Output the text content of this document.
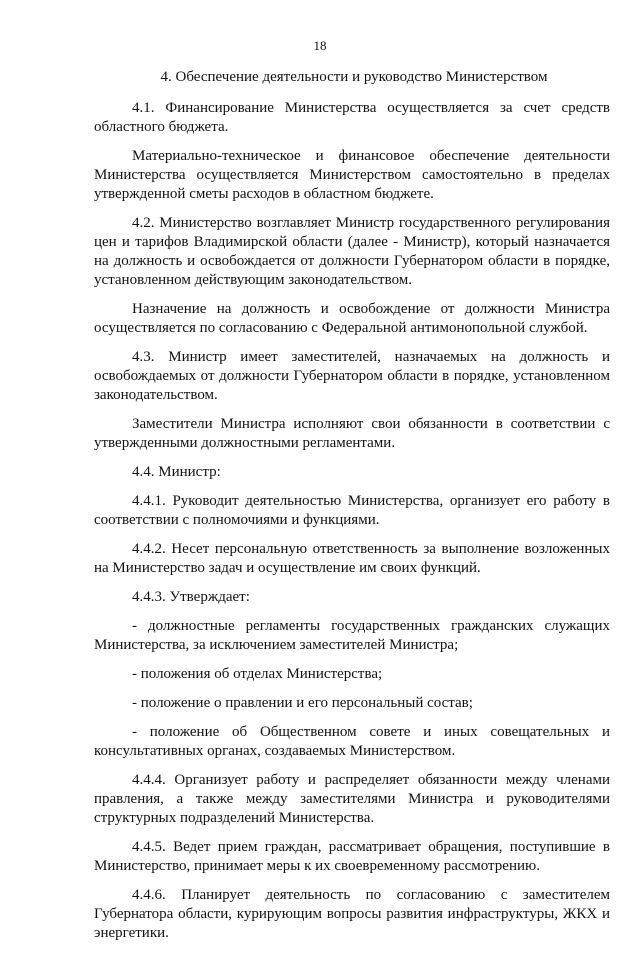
18
4. Обеспечение деятельности и руководство Министерством

4.1. Финансирование Министерства осуществляется за счет средств областного бюджета.

Материально-техническое и финансовое обеспечение деятельности Министерства осуществляется Министерством самостоятельно в пределах утвержденной сметы расходов в областном бюджете.

4.2. Министерство возглавляет Министр государственного регулирования цен и тарифов Владимирской области (далее - Министр), который назначается на должность и освобождается от должности Губернатором области в порядке, установленном действующим законодательством.

Назначение на должность и освобождение от должности Министра осуществляется по согласованию с Федеральной антимонопольной службой.

4.3. Министр имеет заместителей, назначаемых на должность и освобождаемых от должности Губернатором области в порядке, установленном законодательством.

Заместители Министра исполняют свои обязанности в соответствии с утвержденными должностными регламентами.

4.4. Министр:

4.4.1. Руководит деятельностью Министерства, организует его работу в соответствии с полномочиями и функциями.

4.4.2. Несет персональную ответственность за выполнение возложенных на Министерство задач и осуществление им своих функций.

4.4.3. Утверждает:

- должностные регламенты государственных гражданских служащих Министерства, за исключением заместителей Министра;

- положения об отделах Министерства;

- положение о правлении и его персональный состав;

- положение об Общественном совете и иных совещательных и консультативных органах, создаваемых Министерством.

4.4.4. Организует работу и распределяет обязанности между членами правления, а также между заместителями Министра и руководителями структурных подразделений Министерства.

4.4.5. Ведет прием граждан, рассматривает обращения, поступившие в Министерство, принимает меры к их своевременному рассмотрению.

4.4.6. Планирует деятельность по согласованию с заместителем Губернатора области, курирующим вопросы развития инфраструктуры, ЖКХ и энергетики.
